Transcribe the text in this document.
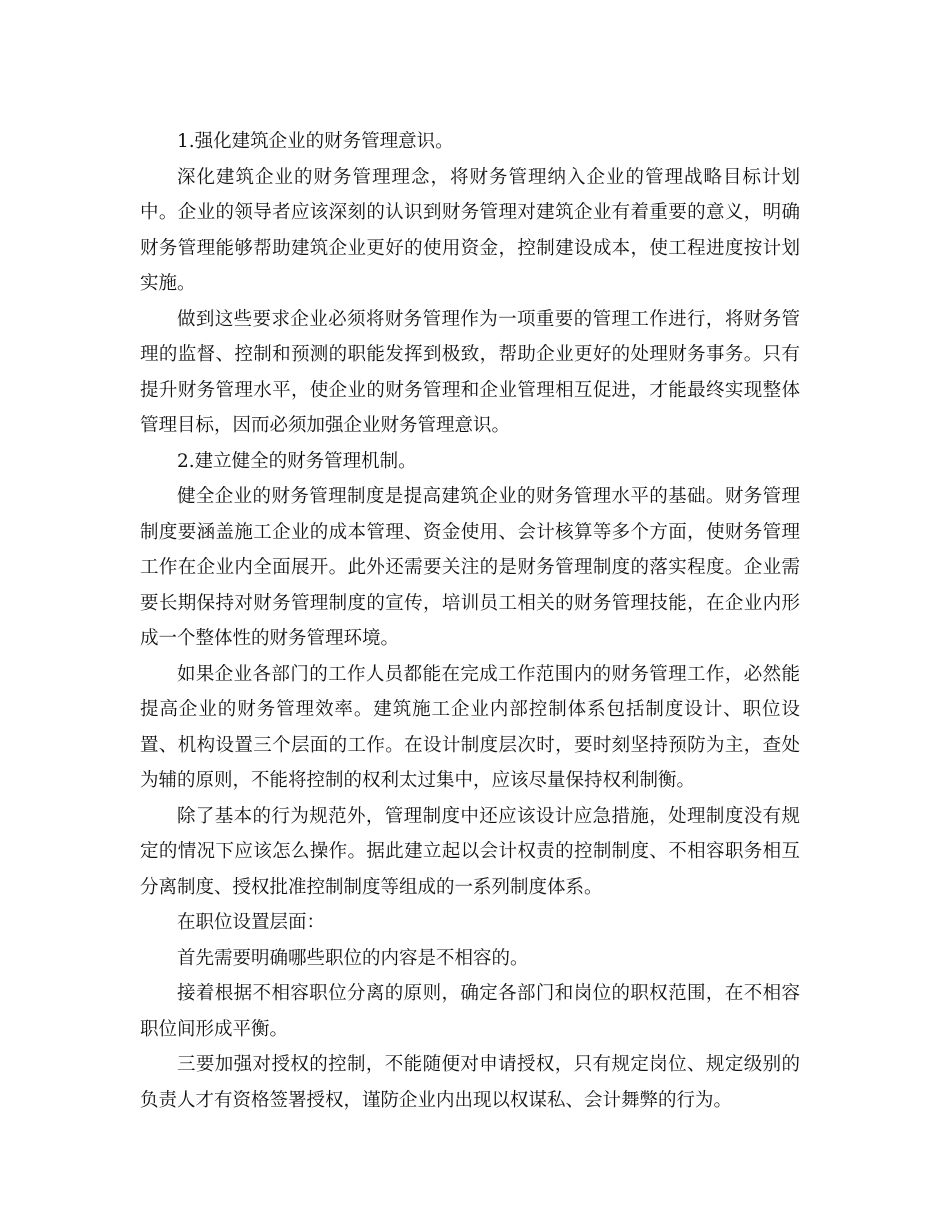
1.强化建筑企业的财务管理意识。

深化建筑企业的财务管理理念，将财务管理纳入企业的管理战略目标计划中。企业的领导者应该深刻的认识到财务管理对建筑企业有着重要的意义，明确财务管理能够帮助建筑企业更好的使用资金，控制建设成本，使工程进度按计划实施。

做到这些要求企业必须将财务管理作为一项重要的管理工作进行，将财务管理的监督、控制和预测的职能发挥到极致，帮助企业更好的处理财务事务。只有提升财务管理水平，使企业的财务管理和企业管理相互促进，才能最终实现整体管理目标，因而必须加强企业财务管理意识。

2.建立健全的财务管理机制。

健全企业的财务管理制度是提高建筑企业的财务管理水平的基础。财务管理制度要涵盖施工企业的成本管理、资金使用、会计核算等多个方面，使财务管理工作在企业内全面展开。此外还需要关注的是财务管理制度的落实程度。企业需要长期保持对财务管理制度的宣传，培训员工相关的财务管理技能，在企业内形成一个整体性的财务管理环境。

如果企业各部门的工作人员都能在完成工作范围内的财务管理工作，必然能提高企业的财务管理效率。建筑施工企业内部控制体系包括制度设计、职位设置、机构设置三个层面的工作。在设计制度层次时，要时刻坚持预防为主，查处为辅的原则，不能将控制的权利太过集中，应该尽量保持权利制衡。

除了基本的行为规范外，管理制度中还应该设计应急措施，处理制度没有规定的情况下应该怎么操作。据此建立起以会计权责的控制制度、不相容职务相互分离制度、授权批准控制制度等组成的一系列制度体系。

在职位设置层面：

首先需要明确哪些职位的内容是不相容的。

接着根据不相容职位分离的原则，确定各部门和岗位的职权范围，在不相容职位间形成平衡。

三要加强对授权的控制，不能随便对申请授权，只有规定岗位、规定级别的负责人才有资格签署授权，谨防企业内出现以权谋私、会计舞弊的行为。
